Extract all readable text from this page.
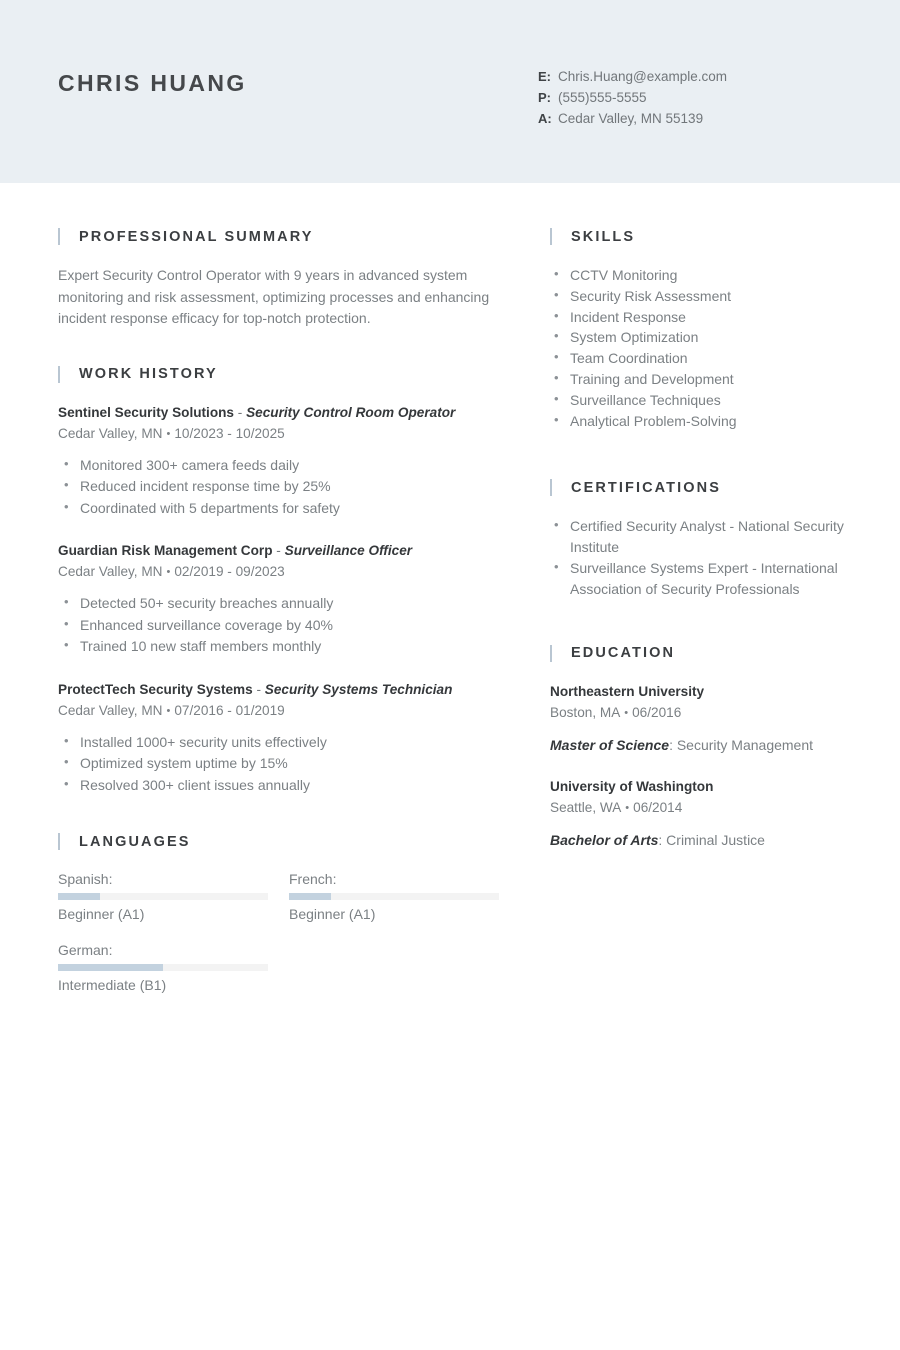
CHRIS HUANG	E: Chris.Huang@example.com
P: (555)555-5555
A: Cedar Valley, MN 55139
PROFESSIONAL SUMMARY
Expert Security Control Operator with 9 years in advanced system monitoring and risk assessment, optimizing processes and enhancing incident response efficacy for top-notch protection.
WORK HISTORY
Sentinel Security Solutions - Security Control Room Operator
Cedar Valley, MN • 10/2023 - 10/2025
• Monitored 300+ camera feeds daily
• Reduced incident response time by 25%
• Coordinated with 5 departments for safety
Guardian Risk Management Corp - Surveillance Officer
Cedar Valley, MN • 02/2019 - 09/2023
• Detected 50+ security breaches annually
• Enhanced surveillance coverage by 40%
• Trained 10 new staff members monthly
ProtectTech Security Systems - Security Systems Technician
Cedar Valley, MN • 07/2016 - 01/2019
• Installed 1000+ security units effectively
• Optimized system uptime by 15%
• Resolved 300+ client issues annually
LANGUAGES
Spanish:
Beginner (A1)
French:
Beginner (A1)
German:
Intermediate (B1)
SKILLS
• CCTV Monitoring
• Security Risk Assessment
• Incident Response
• System Optimization
• Team Coordination
• Training and Development
• Surveillance Techniques
• Analytical Problem-Solving
CERTIFICATIONS
• Certified Security Analyst - National Security Institute
• Surveillance Systems Expert - International Association of Security Professionals
EDUCATION
Northeastern University
Boston, MA • 06/2016
Master of Science: Security Management
University of Washington
Seattle, WA • 06/2014
Bachelor of Arts: Criminal Justice
